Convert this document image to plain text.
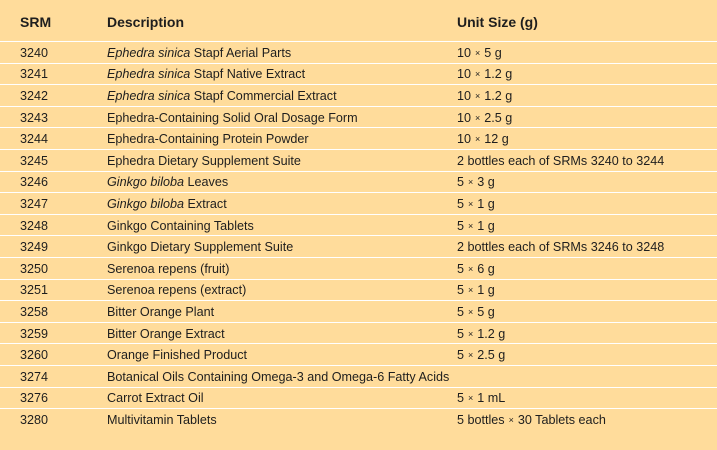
SRM	Description	Unit Size (g)
3240	Ephedra sinica Stapf Aerial Parts	10 × 5 g
3241	Ephedra sinica Stapf Native Extract	10 × 1.2 g
3242	Ephedra sinica Stapf Commercial Extract	10 × 1.2 g
3243	Ephedra-Containing Solid Oral Dosage Form	10 × 2.5 g
3244	Ephedra-Containing Protein Powder	10 × 12 g
3245	Ephedra Dietary Supplement Suite	2 bottles each of SRMs 3240 to 3244
3246	Ginkgo biloba Leaves	5 × 3 g
3247	Ginkgo biloba Extract	5 × 1 g
3248	Ginkgo Containing Tablets	5 × 1 g
3249	Ginkgo Dietary Supplement Suite	2 bottles each of SRMs 3246 to 3248
3250	Serenoa repens (fruit)	5 × 6 g
3251	Serenoa repens (extract)	5 × 1 g
3258	Bitter Orange Plant	5 × 5 g
3259	Bitter Orange Extract	5 × 1.2 g
3260	Orange Finished Product	5 × 2.5 g
3274	Botanical Oils Containing Omega-3 and Omega-6 Fatty Acids
3276	Carrot Extract Oil	5 × 1 mL
3280	Multivitamin Tablets	5 bottles × 30 Tablets each
